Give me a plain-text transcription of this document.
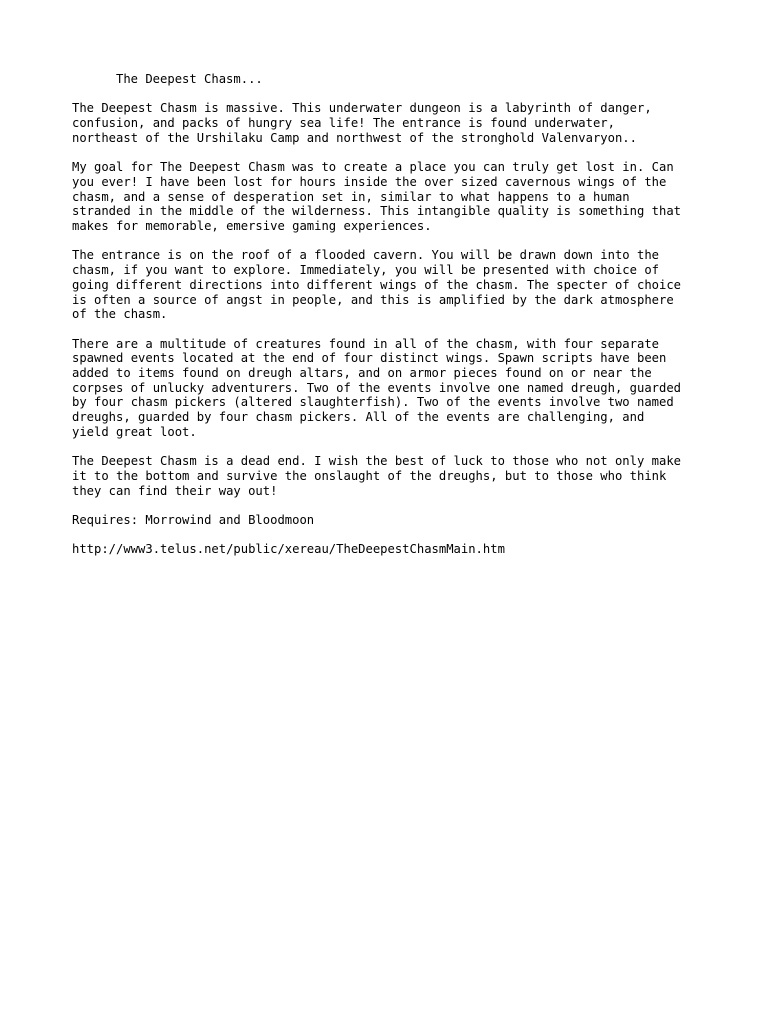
The Deepest Chasm...

The Deepest Chasm is massive. This underwater dungeon is a labyrinth of danger,
confusion, and packs of hungry sea life! The entrance is found underwater,
northeast of the Urshilaku Camp and northwest of the stronghold Valenvaryon..

My goal for The Deepest Chasm was to create a place you can truly get lost in. Can
you ever! I have been lost for hours inside the over sized cavernous wings of the
chasm, and a sense of desperation set in, similar to what happens to a human
stranded in the middle of the wilderness. This intangible quality is something that
makes for memorable, emersive gaming experiences.

The entrance is on the roof of a flooded cavern. You will be drawn down into the
chasm, if you want to explore. Immediately, you will be presented with choice of
going different directions into different wings of the chasm. The specter of choice
is often a source of angst in people, and this is amplified by the dark atmosphere
of the chasm.

There are a multitude of creatures found in all of the chasm, with four separate
spawned events located at the end of four distinct wings. Spawn scripts have been
added to items found on dreugh altars, and on armor pieces found on or near the
corpses of unlucky adventurers. Two of the events involve one named dreugh, guarded
by four chasm pickers (altered slaughterfish). Two of the events involve two named
dreughs, guarded by four chasm pickers. All of the events are challenging, and
yield great loot.

The Deepest Chasm is a dead end. I wish the best of luck to those who not only make
it to the bottom and survive the onslaught of the dreughs, but to those who think
they can find their way out!

Requires: Morrowind and Bloodmoon

http://www3.telus.net/public/xereau/TheDeepestChasmMain.htm
